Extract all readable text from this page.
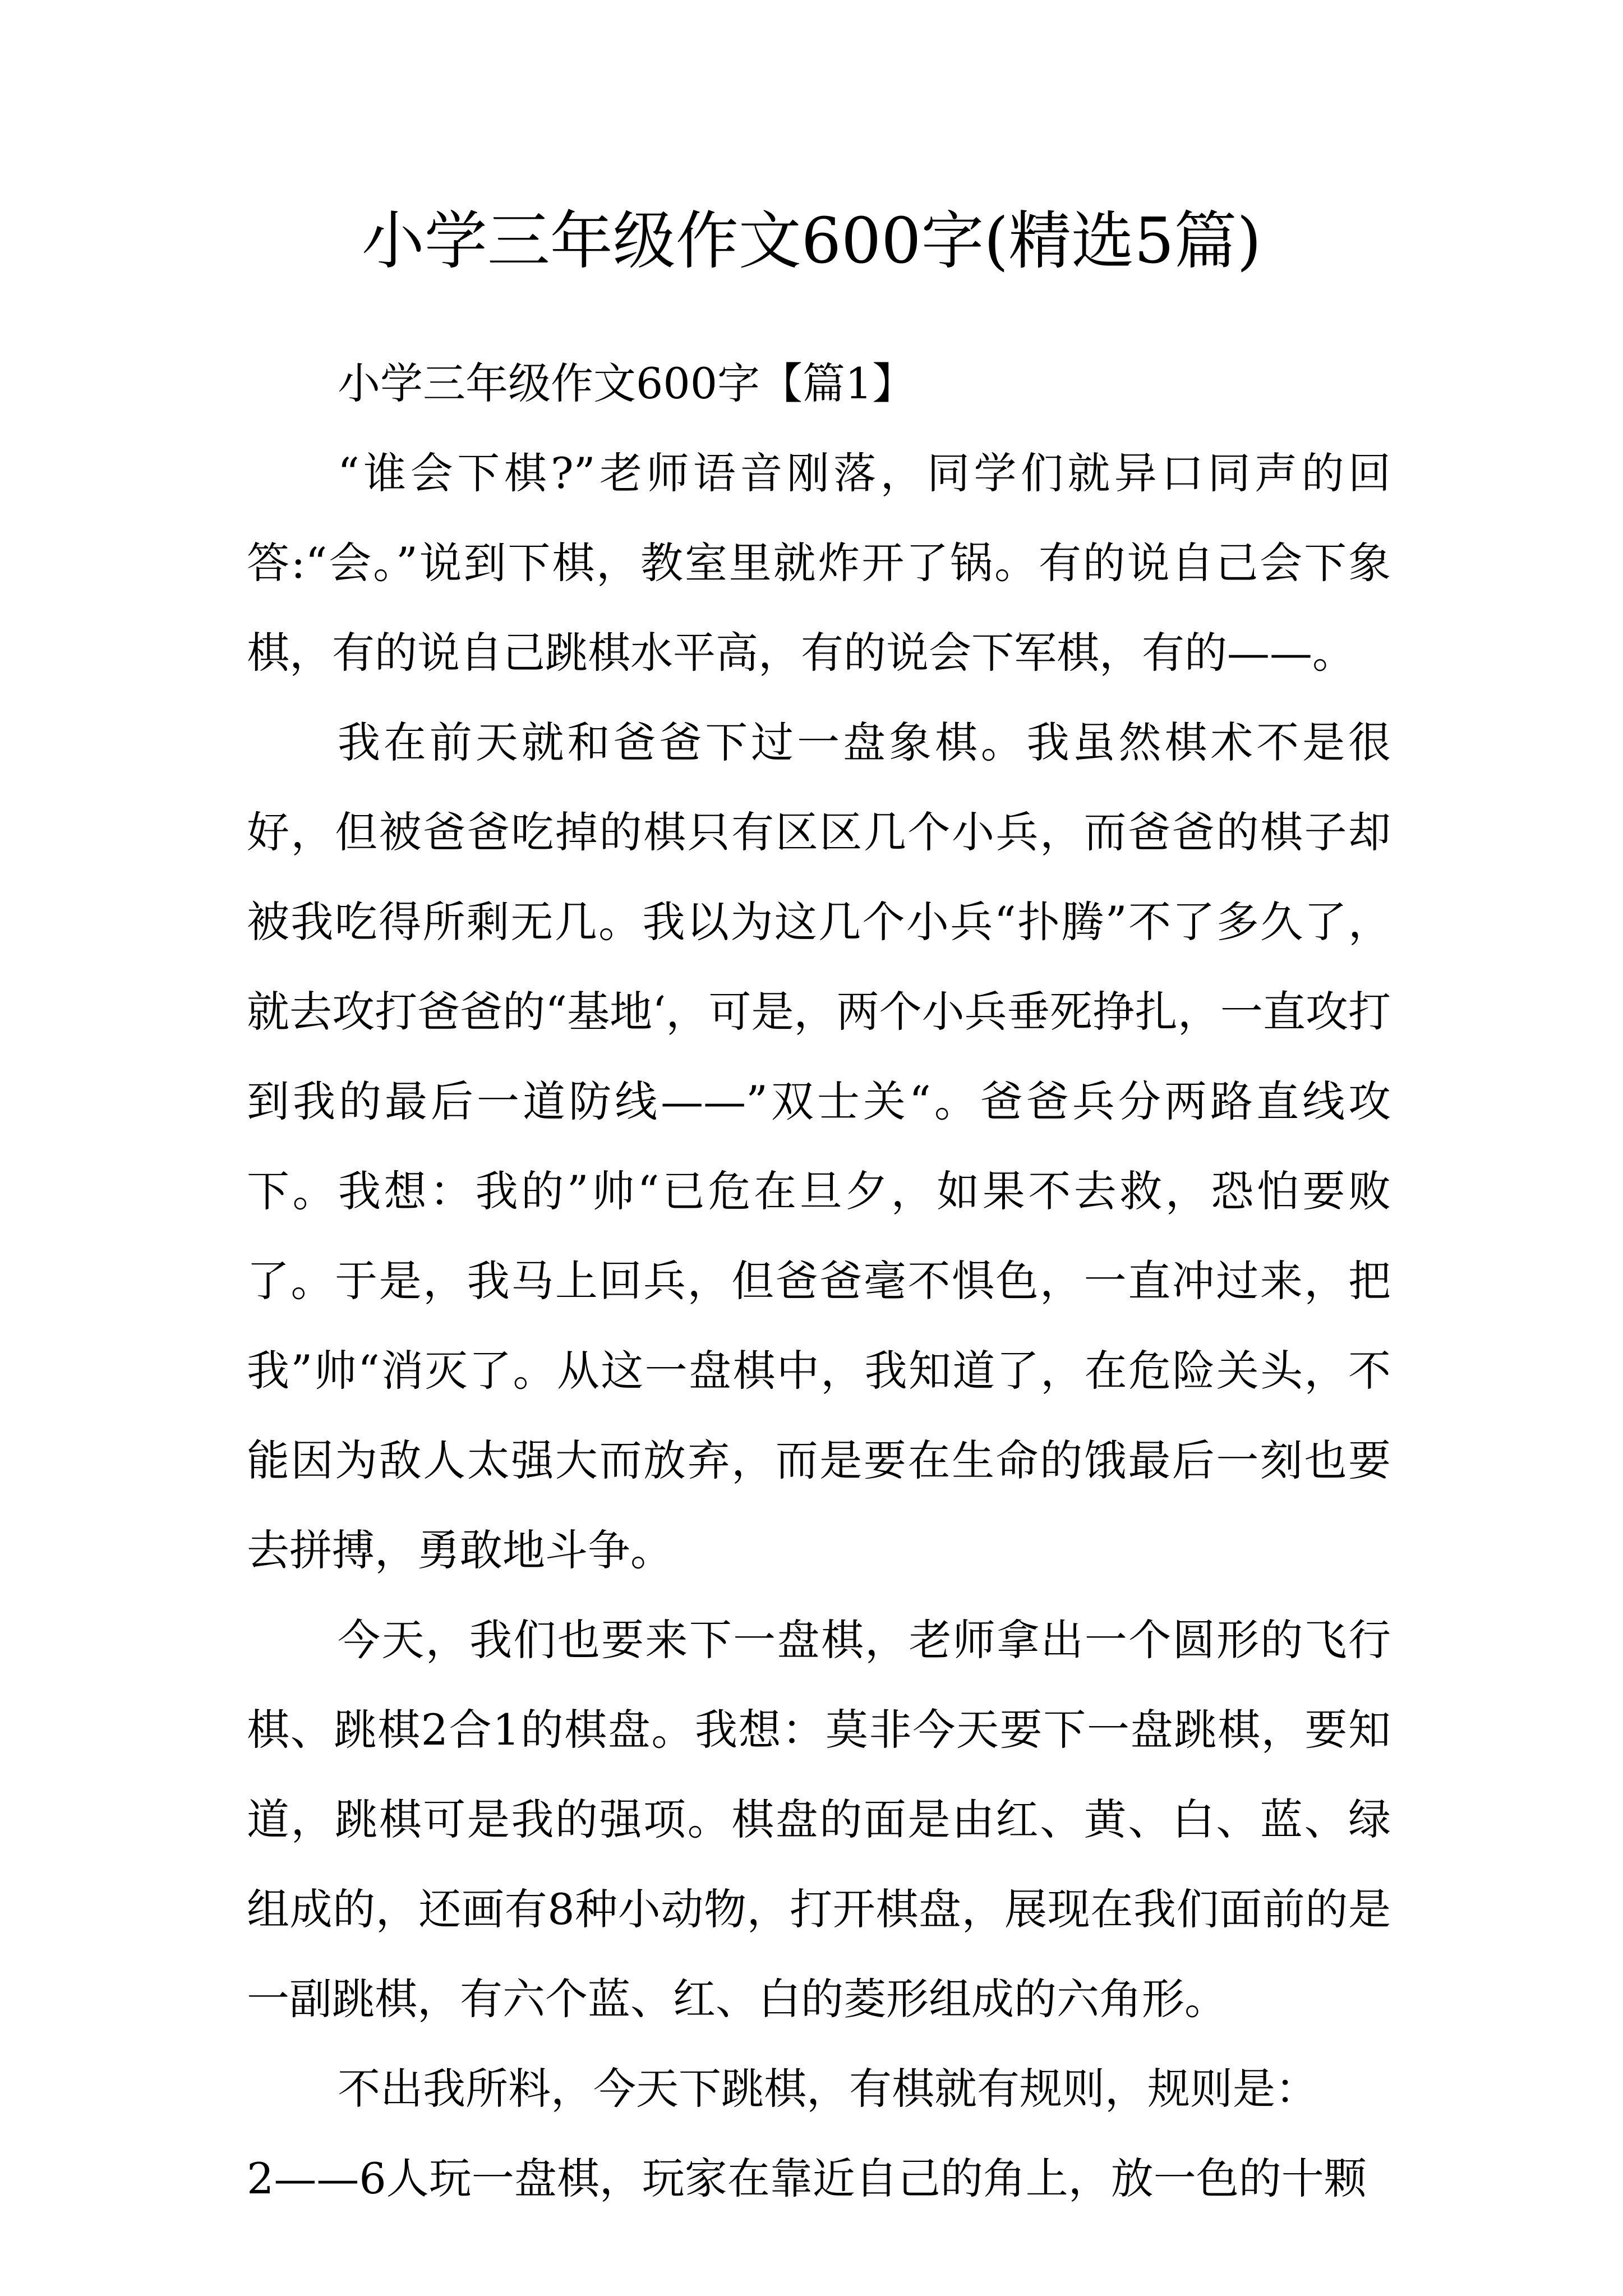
小学三年级作文600字(精选5篇)

小学三年级作文600字【篇1】

“谁会下棋?”老师语音刚落，同学们就异口同声的回答:“会。”说到下棋，教室里就炸开了锅。有的说自己会下象棋，有的说自己跳棋水平高，有的说会下军棋，有的——。

我在前天就和爸爸下过一盘象棋。我虽然棋术不是很好，但被爸爸吃掉的棋只有区区几个小兵，而爸爸的棋子却被我吃得所剩无几。我以为这几个小兵“扑腾”不了多久了，就去攻打爸爸的“基地‘，可是，两个小兵垂死挣扎，一直攻打到我的最后一道防线——”双士关“。爸爸兵分两路直线攻下。我想：我的”帅“已危在旦夕，如果不去救，恐怕要败了。于是，我马上回兵，但爸爸毫不惧色，一直冲过来，把我”帅“消灭了。从这一盘棋中，我知道了，在危险关头，不能因为敌人太强大而放弃，而是要在生命的饿最后一刻也要去拼搏，勇敢地斗争。

今天，我们也要来下一盘棋，老师拿出一个圆形的飞行棋、跳棋2合1的棋盘。我想：莫非今天要下一盘跳棋，要知道，跳棋可是我的强项。棋盘的面是由红、黄、白、蓝、绿组成的，还画有8种小动物，打开棋盘，展现在我们面前的是一副跳棋，有六个蓝、红、白的菱形组成的六角形。

不出我所料，今天下跳棋，有棋就有规则，规则是：

2——6人玩一盘棋，玩家在靠近自己的角上，放一色的十颗
